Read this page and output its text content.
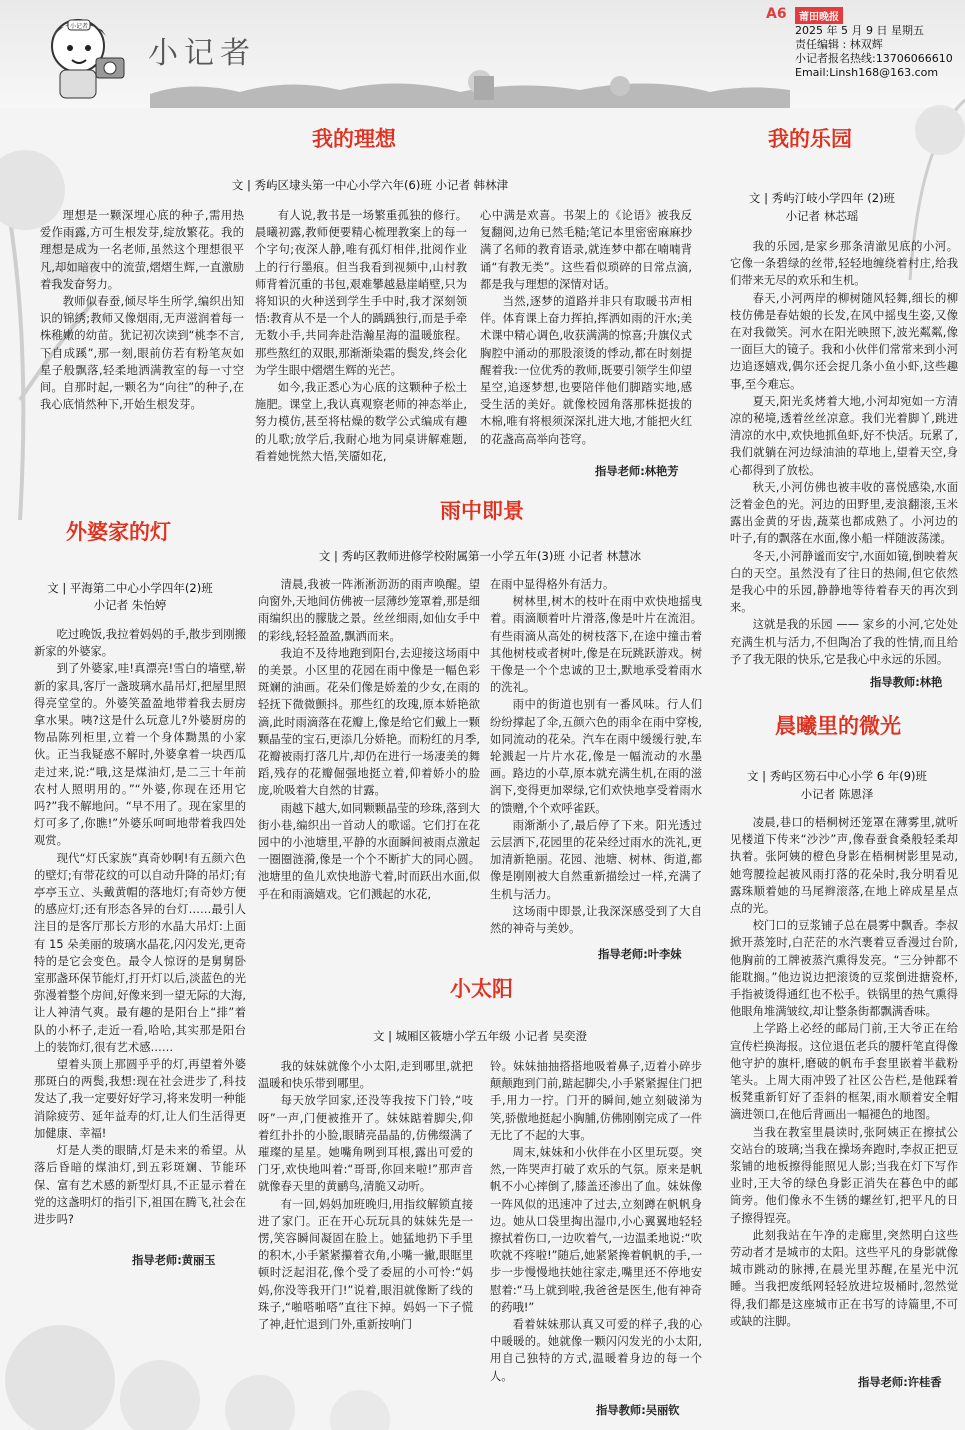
小记者
小记者
A6	莆田晚报
2025 年 5 月 9 日 星期五
责任编辑 : 林双辉
小记者报名热线:13706066610
Email:Linsh168@163.com
我的理想
文 | 秀屿区埭头第一中心小学六年(6)班 小记者 韩林津

理想是一颗深埋心底的种子,需用热爱作雨露,方可生根发芽,绽放繁花。我的理想是成为一名老师,虽然这个理想很平凡,却如暗夜中的流萤,熠熠生辉,一直激励着我发奋努力。

教师似春蚕,倾尽毕生所学,编织出知识的锦绣;教师又像烟雨,无声滋润着每一株稚嫩的幼苗。犹记初次读到“桃李不言,下自成蹊”,那一刻,眼前仿若有粉笔灰如星子般飘落,轻柔地洒满教室的每一寸空间。自那时起,一颗名为“向往”的种子,在我心底悄然种下,开始生根发芽。

有人说,教书是一场繁重孤独的修行。晨曦初露,教师便要精心梳理教案上的每一个字句;夜深人静,唯有孤灯相伴,批阅作业上的行行墨痕。但当我看到视频中,山村教师背着沉重的书包,艰难攀越悬崖峭壁,只为将知识的火种送到学生手中时,我才深刻领悟:教育从不是一个人的踽踽独行,而是手牵无数小手,共同奔赴浩瀚星海的温暖旅程。那些熬红的双眼,那渐渐染霜的鬓发,终会化为学生眼中熠熠生辉的光芒。

如今,我正悉心为心底的这颗种子松土施肥。课堂上,我认真观察老师的神态举止,努力模仿,甚至将枯燥的数学公式编成有趣的儿歌;放学后,我耐心地为同桌讲解难题,看着她恍然大悟,笑靥如花,

心中满是欢喜。书架上的《论语》被我反复翻阅,边角已然毛糙;笔记本里密密麻麻抄满了名师的教育语录,就连梦中都在喃喃背诵“有教无类”。这些看似琐碎的日常点滴,都是我与理想的深情对话。

当然,逐梦的道路并非只有取暖书声相伴。体育课上奋力挥拍,挥洒如雨的汗水;美术课中精心调色,收获满满的惊喜;升旗仪式胸腔中涌动的那股滚烫的悸动,都在时刻提醒着我:一位优秀的教师,既要引领学生仰望星空,追逐梦想,也要陪伴他们脚踏实地,感受生活的美好。就像校园角落那株挺拔的木棉,唯有将根须深深扎进大地,才能把火红的花盏高高举向苍穹。

指导老师:林艳芳
我的乐园
文 | 秀屿汀岐小学四年 (2)班
小记者 林芯瑶

我的乐园,是家乡那条清澈见底的小河。它像一条碧绿的丝带,轻轻地缠绕着村庄,给我们带来无尽的欢乐和生机。

春天,小河两岸的柳树随风轻舞,细长的柳枝仿佛是春姑娘的长发,在风中摇曳生姿,又像在对我微笑。河水在阳光映照下,波光粼粼,像一面巨大的镜子。我和小伙伴们常常来到小河边追逐嬉戏,偶尔还会捉几条小鱼小虾,这些趣事,至今难忘。

夏天,阳光炙烤着大地,小河却宛如一方清凉的秘境,透着丝丝凉意。我们光着脚丫,跳进清凉的水中,欢快地抓鱼虾,好不快活。玩累了,我们就躺在河边绿油油的草地上,望着天空,身心都得到了放松。

秋天,小河仿佛也被丰收的喜悦感染,水面泛着金色的光。河边的田野里,麦浪翻滚,玉米露出金黄的牙齿,蔬菜也都成熟了。小河边的叶子,有的飘落在水面,像小船一样随波荡漾。

冬天,小河静谧而安宁,水面如镜,倒映着灰白的天空。虽然没有了往日的热闹,但它依然是我心中的乐园,静静地等待着春天的再次到来。

这就是我的乐园 —— 家乡的小河,它处处充满生机与活力,不但陶冶了我的性情,而且给予了我无限的快乐,它是我心中永远的乐园。

指导教师:林艳
外婆家的灯
文 | 平海第二中心小学四年(2)班
小记者 朱怡婷

吃过晚饭,我拉着妈妈的手,散步到刚搬新家的外婆家。

到了外婆家,哇!真漂亮!雪白的墙壁,崭新的家具,客厅一盏玻璃水晶吊灯,把屋里照得亮堂堂的。外婆笑盈盈地带着我去厨房拿水果。咦?这是什么玩意儿?外婆厨房的物品陈列柜里,立着一个身体黝黑的小家伙。正当我疑惑不解时,外婆拿着一块西瓜走过来,说:“哦,这是煤油灯,是二三十年前农村人照明用的。”“外婆,你现在还用它吗?”我不解地问。“早不用了。现在家里的灯可多了,你瞧!”外婆乐呵呵地带着我四处观赏。

现代“灯氏家族”真奇妙啊!有五颜六色的壁灯;有带花纹的可以自动升降的吊灯;有亭亭玉立、头戴黄帽的落地灯;有奇妙方便的感应灯;还有形态各异的台灯……最引人注目的是客厅那长方形的水晶大吊灯:上面有 15 朵美丽的玻璃水晶花,闪闪发光,更奇特的是它会变色。最令人惊讶的是舅舅卧室那盏环保节能灯,打开灯以后,淡蓝色的光弥漫着整个房间,好像来到一望无际的大海,让人神清气爽。最有趣的是阳台上“排”着队的小杯子,走近一看,哈哈,其实那是阳台上的装饰灯,很有艺术感……

望着头顶上那圆乎乎的灯,再望着外婆那斑白的两鬓,我想:现在社会进步了,科技发达了,我一定要好好学习,将来发明一种能消除疲劳、延年益寿的灯,让人们生活得更加健康、幸福!

灯是人类的眼睛,灯是未来的希望。从落后昏暗的煤油灯,到五彩斑斓、节能环保、富有艺术感的新型灯具,不正显示着在党的这盏明灯的指引下,祖国在腾飞,社会在进步吗?

指导老师:黄丽玉
雨中即景
文 | 秀屿区教师进修学校附属第一小学五年(3)班 小记者 林慧冰

清晨,我被一阵淅淅沥沥的雨声唤醒。望向窗外,天地间仿佛被一层薄纱笼罩着,那是细雨编织出的朦胧之景。丝丝细雨,如仙女手中的彩线,轻轻盈盈,飘洒而来。

我迫不及待地跑到阳台,去迎接这场雨中的美景。小区里的花园在雨中像是一幅色彩斑斓的油画。花朵们像是娇羞的少女,在雨的轻抚下微微颤抖。那些红的玫瑰,原本娇艳欲滴,此时雨滴落在花瓣上,像是给它们戴上一颗颗晶莹的宝石,更添几分娇艳。而粉红的月季,花瓣被雨打落几片,却仍在进行一场凄美的舞蹈,残存的花瓣倔强地挺立着,仰着娇小的脸庞,吮吸着大自然的甘露。

雨越下越大,如同颗颗晶莹的珍珠,落到大街小巷,编织出一首动人的歌谣。它们打在花园中的小池塘里,平静的水面瞬间被雨点激起一圈圈涟漪,像是一个个不断扩大的同心圆。池塘里的鱼儿欢快地游弋着,时而跃出水面,似乎在和雨滴嬉戏。它们溅起的水花,

在雨中显得格外有活力。

树林里,树木的枝叶在雨中欢快地摇曳着。雨滴顺着叶片滑落,像是叶片在流泪。有些雨滴从高处的树枝落下,在途中撞击着其他树枝或者树叶,像是在玩跳跃游戏。树干像是一个个忠诚的卫士,默地承受着雨水的洗礼。

雨中的街道也别有一番风味。行人们纷纷撑起了伞,五颜六色的雨伞在雨中穿梭,如同流动的花朵。汽车在雨中缓缓行驶,车轮溅起一片片水花,像是一幅流动的水墨画。路边的小草,原本就充满生机,在雨的滋润下,变得更加翠绿,它们欢快地享受着雨水的馈赠,个个欢呼雀跃。

雨渐渐小了,最后停了下来。阳光透过云层洒下,花园里的花朵经过雨水的洗礼,更加清新艳丽。花园、池塘、树林、街道,都像是刚刚被大自然重新描绘过一样,充满了生机与活力。

这场雨中即景,让我深深感受到了大自然的神奇与美妙。

指导老师:叶李妹
小太阳
文 | 城厢区筱塘小学五年级 小记者 吴奕澄

我的妹妹就像个小太阳,走到哪里,就把温暖和快乐带到哪里。

每天放学回家,还没等我按下门铃,“吱呀”一声,门便被推开了。妹妹踮着脚尖,仰着红扑扑的小脸,眼睛亮晶晶的,仿佛缀满了璀璨的星星。她嘴角咧到耳根,露出可爱的门牙,欢快地叫着:“哥哥,你回来啦!”那声音就像春天里的黄鹂鸟,清脆又动听。

有一回,妈妈加班晚归,用指纹解锁直接进了家门。正在开心玩玩具的妹妹先是一愣,笑容瞬间凝固在脸上。她猛地扔下手里的积木,小手紧紧攥着衣角,小嘴一撇,眼眶里顿时泛起泪花,像个受了委屈的小可怜:“妈妈,你没等我开门!”说着,眼泪就像断了线的珠子,“啪嗒啪嗒”直往下掉。妈妈一下子慌了神,赶忙退到门外,重新按响门

铃。妹妹抽抽搭搭地吸着鼻子,迈着小碎步颠颠跑到门前,踮起脚尖,小手紧紧握住门把手,用力一拧。门开的瞬间,她立刻破涕为笑,骄傲地挺起小胸脯,仿佛刚刚完成了一件无比了不起的大事。

周末,妹妹和小伙伴在小区里玩耍。突然,一阵哭声打破了欢乐的气氛。原来是帆帆不小心摔倒了,膝盖还渗出了血。妹妹像一阵风似的迅速冲了过去,立刻蹲在帆帆身边。她从口袋里掏出湿巾,小心翼翼地轻轻擦拭着伤口,一边吹着气,一边温柔地说:“吹吹就不疼啦!”随后,她紧紧搀着帆帆的手,一步一步慢慢地扶她往家走,嘴里还不停地安慰着:“马上就到啦,我爸爸是医生,他有神奇的药哦!”

看着妹妹那认真又可爱的样子,我的心中暖暖的。她就像一颗闪闪发光的小太阳,用自己独特的方式,温暖着身边的每一个人。

指导教师:吴丽钦
晨曦里的微光
文 | 秀屿区笏石中心小学 6 年(9)班
小记者 陈恩泽

凌晨,巷口的梧桐树还笼罩在薄雾里,就听见楼道下传来“沙沙”声,像春蚕食桑般轻柔却执着。张阿姨的橙色身影在梧桐树影里晃动,她弯腰捡起被风雨打落的花朵时,我分明看见露珠顺着她的马尾辫滚落,在地上碎成星星点点的光。

校门口的豆浆铺子总在晨雾中飘香。李叔掀开蒸笼时,白茫茫的水汽裹着豆香漫过台阶,他胸前的工牌被蒸汽熏得发亮。“三分钟都不能耽搁。”他边说边把滚烫的豆浆倒进搪瓷杯,手指被烫得通红也不松手。铁锅里的热气熏得他眼角堆满皱纹,却让整条街都飘满香味。

上学路上必经的邮局门前,王大爷正在给宣传栏换海报。这位退伍老兵的腰杆笔直得像他守护的旗杆,磨破的帆布手套里嵌着半截粉笔头。上周大雨冲毁了社区公告栏,是他踩着板凳重新钉好了歪斜的框架,雨水顺着安全帽滴进领口,在他后背画出一幅褪色的地图。

当我在教室里晨读时,张阿姨正在擦拭公交站台的玻璃;当我在操场奔跑时,李叔正把豆浆铺的地板擦得能照见人影;当我在灯下写作业时,王大爷的绿色身影正消失在暮色中的邮筒旁。他们像永不生锈的螺丝钉,把平凡的日子擦得锃亮。

此刻我站在午净的走廊里,突然明白这些劳动者才是城市的太阳。这些平凡的身影就像城市跳动的脉搏,在晨光里苏醒,在星光中沉睡。当我把废纸网轻轻放进垃圾桶时,忽然觉得,我们都是这座城市正在书写的诗篇里,不可或缺的注脚。

指导老师:许桂香
